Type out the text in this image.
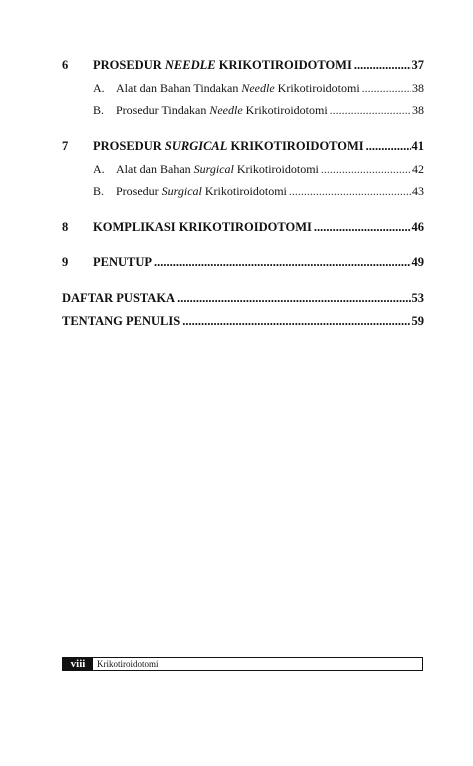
6	PROSEDUR NEEDLE KRIKOTIROIDOTOMI .....	37
A. Alat dan Bahan Tindakan Needle Krikotiroidotomi .....	38
B. Prosedur Tindakan Needle Krikotiroidotomi .....	38
7	PROSEDUR SURGICAL KRIKOTIROIDOTOMI .....	41
A. Alat dan Bahan Surgical Krikotiroidotomi .....	42
B. Prosedur Surgical Krikotiroidotomi .....	43
8	KOMPLIKASI KRIKOTIROIDOTOMI .....	46
9	PENUTUP .....	49
DAFTAR PUSTAKA .....	53
TENTANG PENULIS .....	59
viii	Krikotiroidotomi
